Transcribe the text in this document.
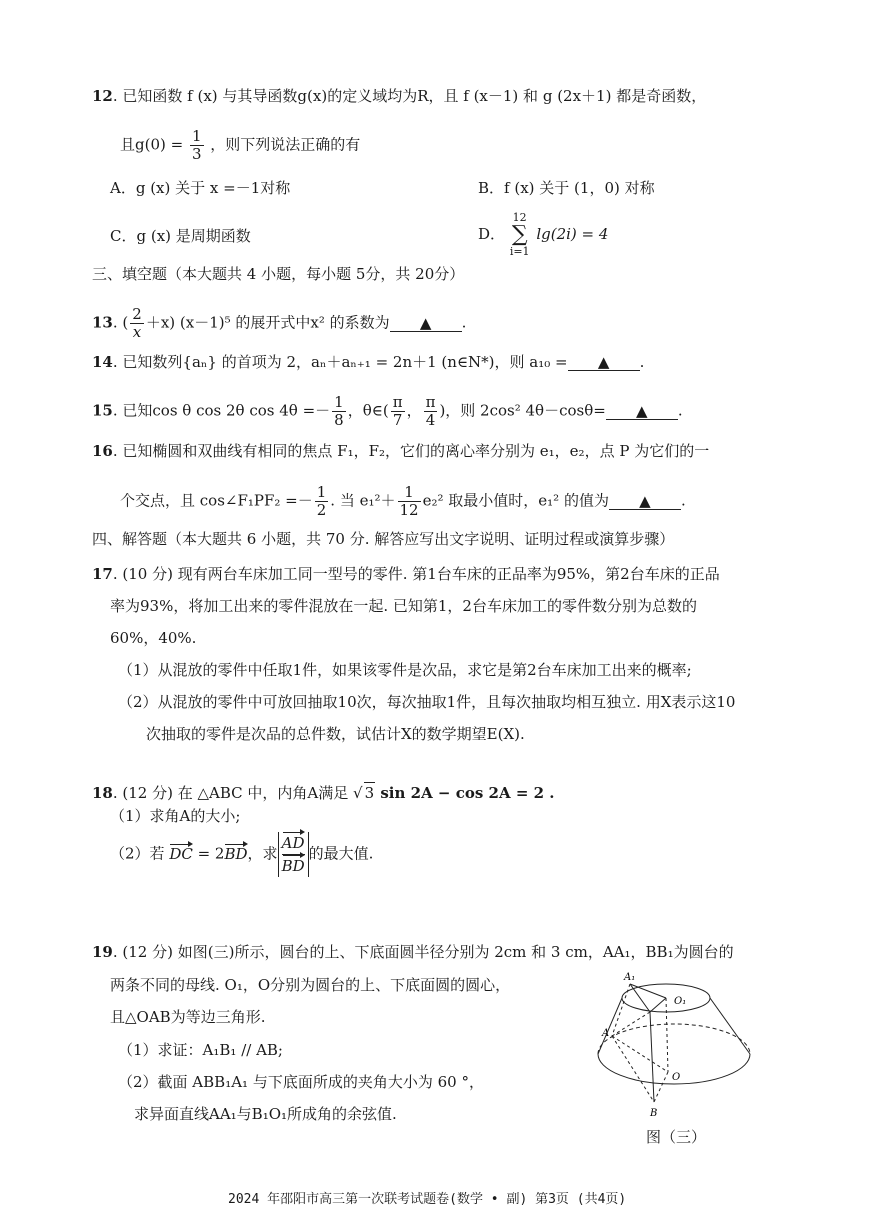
12. 已知函数 f (x) 与其导函数g(x)的定义域均为R，且 f (x－1) 和 g (2x＋1) 都是奇函数，
且$g(0) = \frac{1}{3}$ ，则下列说法正确的有
A．g (x) 关于 x =－1对称	B．f (x) 关于 (1，0) 对称
C．g (x) 是周期函数	D． 12
∑
i=1 lg(2i) = 4
三、填空题（本大题共 4 小题，每小题 5分，共 20分）
13. ( $\frac{2}{x} +x$) (x－1)⁵ 的展开式中x² 的系数为 ▲ .
14. 已知数列{aₙ} 的首项为 2，aₙ＋aₙ₊₁ = 2n＋1 (n∈N*)，则 a₁₀ = ▲ .
15. 已知cos θ cos 2θ $\cos 4\theta =- \frac{1}{8}$ ，θ∈( $\frac{\pi}{7}$ ， $\frac{\pi}{4}$ )，则 2cos² 4θ－cosθ= ▲ .
16. 已知椭圆和双曲线有相同的焦点 F₁，F₂，它们的离心率分别为 e₁，e₂，点 P 为它们的一
个交点，且 cos∠F₁PF₂ =－ $\frac{1}{2}$ . 当 $e_1^2+ \frac{1}{12} e_2^2$ 取最小值时，e₁² 的值为 ▲ .
四、解答题（本大题共 6 小题，共 70 分. 解答应写出文字说明、证明过程或演算步骤）
17. (10 分) 现有两台车床加工同一型号的零件. 第1台车床的正品率为95%，第2台车床的正品
率为93%，将加工出来的零件混放在一起. 已知第1，2台车床加工的零件数分别为总数的
60%，40%.
（1）从混放的零件中任取1件，如果该零件是次品，求它是第2台车床加工出来的概率;
（2）从混放的零件中可放回抽取10次，每次抽取1件，且每次抽取均相互独立. 用X表示这10
次抽取的零件是次品的总件数，试估计X的数学期望E(X).
18. (12 分) 在 △ABC 中，内角A满足 √ 3 sin 2A − cos 2A = 2 .
（1）求角A的大小;
（2）若 DC = 2BD，求 $\frac{AD}{BD}$ 的最大值.
19. (12 分) 如图(三)所示，圆台的上、下底面圆半径分别为 2cm 和 3 cm，AA₁，BB₁为圆台的
两条不同的母线. O₁，O分别为圆台的上、下底面圆的圆心，
且△OAB为等边三角形.
（1）求证：A₁B₁ // AB;
（2）截面 ABB₁A₁ 与下底面所成的夹角大小为 60 °，
求异面直线AA₁与B₁O₁所成角的余弦值.
A₁
O₁
A
O
B
图（三）
2024 年邵阳市高三第一次联考试题卷(数学 • 副) 第3页 (共4页)
